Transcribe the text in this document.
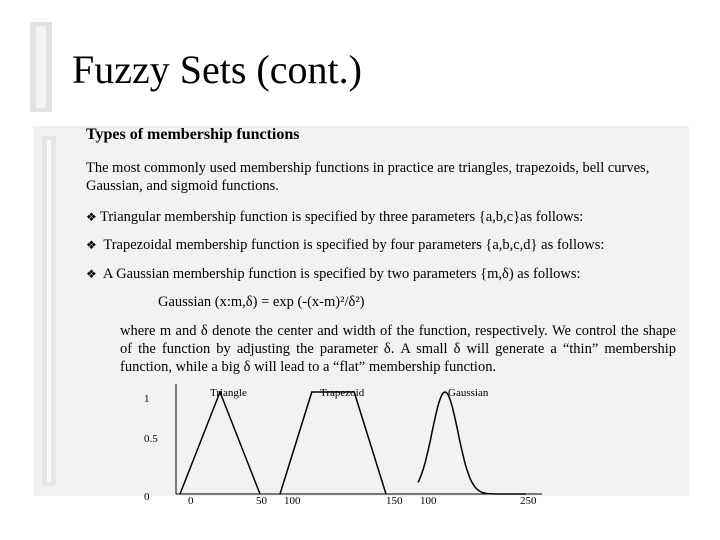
Fuzzy Sets (cont.)
Types of membership functions

The most commonly used membership functions in practice are triangles, trapezoids, bell curves, Gaussian, and sigmoid functions.

❖ Triangular membership function is specified by three parameters {a,b,c}as follows:
❖ Trapezoidal membership function is specified by four parameters {a,b,c,d} as follows:
❖ A Gaussian membership function is specified by two parameters {m,δ) as follows:
Gaussian (x:m,δ) = exp (-(x-m)²/δ²)

where m and δ denote the center and width of the function, respectively. We control the shape of the function by adjusting the parameter δ. A small δ will generate a “thin” membership function, while a big δ will lead to a “flat” membership function.

1
0.5
0	0	50 100	150 100	250
Triangle	Trapezoid	Gaussian
